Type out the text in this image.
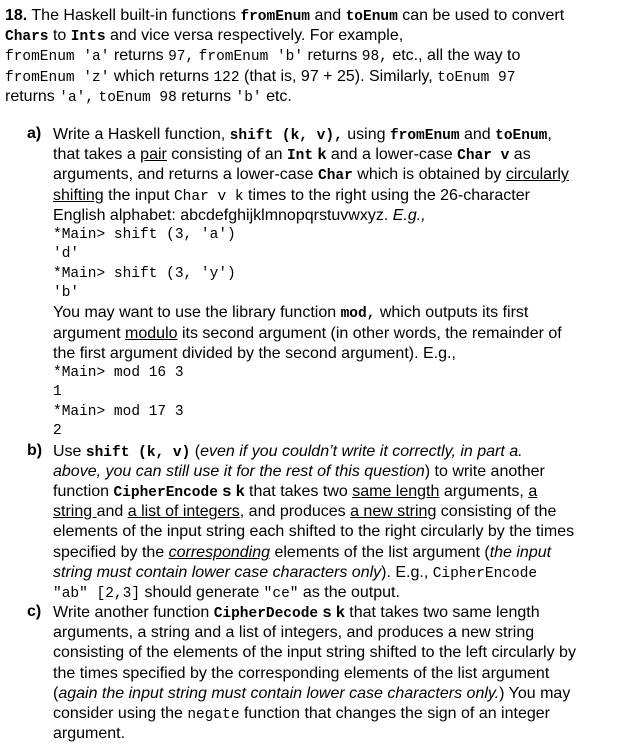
18. The Haskell built-in functions fromEnum and toEnum can be used to convert
Chars to Ints and vice versa respectively. For example,
fromEnum 'a' returns 97, fromEnum 'b' returns 98, etc., all the way to
fromEnum 'z' which returns 122 (that is, 97 + 25). Similarly, toEnum 97
returns 'a', toEnum 98 returns 'b' etc.
a) Write a Haskell function, shift (k, v), using fromEnum and toEnum,
that takes a pair consisting of an Int k and a lower-case Char v as
arguments, and returns a lower-case Char which is obtained by circularly
shifting the input Char v k times to the right using the 26-character
English alphabet: abcdefghijklmnopqrstuvwxyz. E.g.,
*Main> shift (3, 'a')
'd'
*Main> shift (3, 'y')
'b'
You may want to use the library function mod, which outputs its first
argument modulo its second argument (in other words, the remainder of
the first argument divided by the second argument). E.g.,
*Main> mod 16 3
1
*Main> mod 17 3
2
b) Use shift (k, v) (even if you couldn’t write it correctly, in part a.
above, you can still use it for the rest of this question) to write another
function CipherEncode s k that takes two same length arguments, a
string and a list of integers, and produces a new string consisting of the
elements of the input string each shifted to the right circularly by the times
specified by the corresponding elements of the list argument (the input
string must contain lower case characters only). E.g., CipherEncode
"ab" [2,3] should generate "ce" as the output.
c) Write another function CipherDecode s k that takes two same length
arguments, a string and a list of integers, and produces a new string
consisting of the elements of the input string shifted to the left circularly by
the times specified by the corresponding elements of the list argument
(again the input string must contain lower case characters only.) You may
consider using the negate function that changes the sign of an integer
argument.
